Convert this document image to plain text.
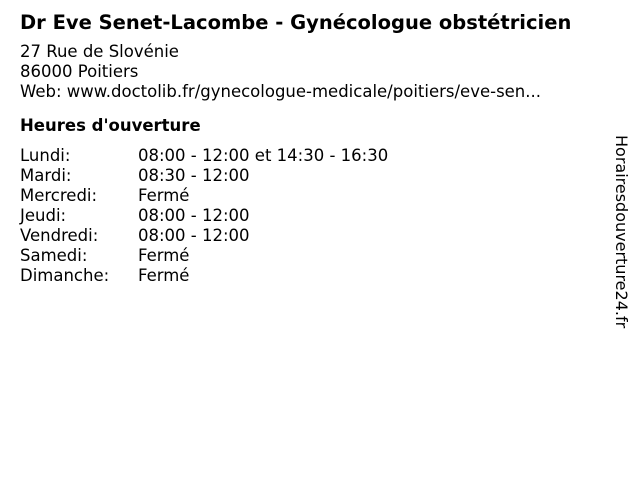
Dr Eve Senet-Lacombe - Gynécologue obstétricien
27 Rue de Slovénie
86000 Poitiers
Web: www.doctolib.fr/gynecologue-medicale/poitiers/eve-sen...
Heures d'ouverture
Lundi:	08:00 - 12:00 et 14:30 - 16:30
Mardi:	08:30 - 12:00
Mercredi:	Fermé
Jeudi:	08:00 - 12:00
Vendredi:	08:00 - 12:00
Samedi:	Fermé
Dimanche:	Fermé	Horairesdouverture24.fr
